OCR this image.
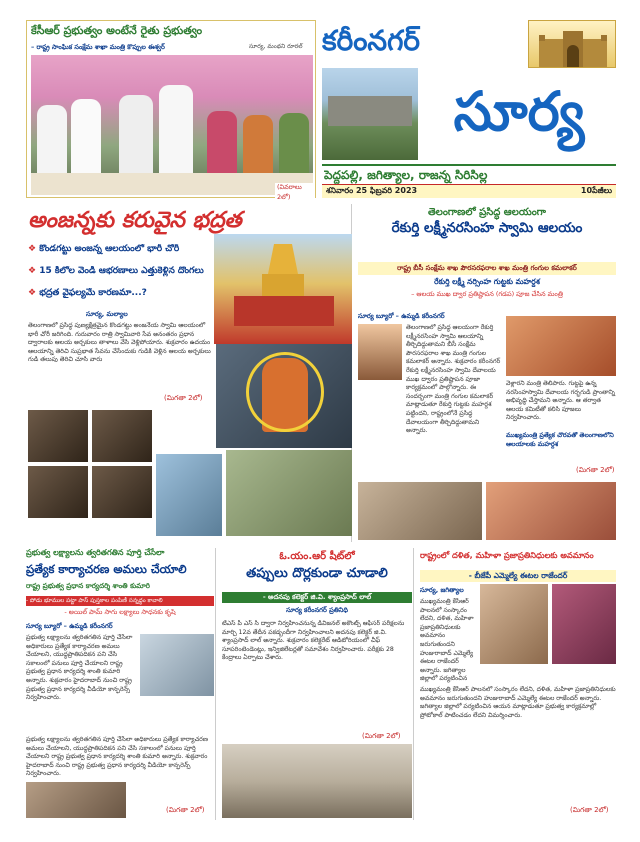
కేసీఆర్ ప్రభుత్వం అంటేనే రైతు ప్రభుత్వం
– రాష్ట్ర సాంఘిక సంక్షేమ శాఖా మంత్రి కొప్పుల ఈశ్వర్	సూర్య, మంథని రూరల్
(వివరాలు 2లో)
కరీంనగర్
సూర్య
పెద్దపల్లి, జగిత్యాల, రాజన్న సిరిసిల్ల
శనివారం 25 ఫిబ్రవరి 2023	10పేజీలు
అంజన్నకు కరువైన భద్రత
❖ కొండగట్టు అంజన్న ఆలయంలో భారీ చోరీ
❖ 15 కిలోల వెండి ఆభరణాలు ఎత్తుకెళ్లిన దొంగలు
❖ భద్రత వైఫల్యమే కారణమా...?
సూర్య, మల్యాల
తెలంగాణలో ప్రసిద్ధ పుణ్యక్షేత్రమైన కొండగట్టు అంజనేయ స్వామి ఆలయంలో భారీ చోరీ జరిగింది. గురువారం రాత్రి స్వామివారి సేవ అనంతరం ప్రధాన ద్వారాలకు ఆలయ అర్చకులు తాళాలు వేసి వెళ్లిపోయారు. శుక్రవారం ఉదయం ఆలయాన్ని తెరిచి సుప్రభాత సేవను చేసేందుకు గుడికి వెళ్లిన ఆలయ అర్చకులు గుడి తలుపు తెరిచి చూసి వారు
(మిగతా 2లో)
తెలంగాణలో ప్రసిద్ధ ఆలయంగా
రేకుర్తి లక్ష్మీనరసింహ స్వామి ఆలయం
రాష్ట్ర బీసీ సంక్షేమ శాఖ పౌరసరఫరాల శాఖ మంత్రి గంగుల కమలాకర్
రేకుర్తి లక్ష్మీ నర్సింహ గుట్టకు మహర్దశ
– ఆలయ ముఖ ద్వార ప్రతిష్టాపన (గడప) పూజ చేసిన మంత్రి
సూర్య బ్యూరో – ఉమ్మడి కరీంనగర్
తెలంగాణలో ప్రసిద్ధ ఆలయంగా రేకుర్తి లక్ష్మీనరసింహ స్వామి ఆలయాన్ని తీర్చిదిద్దుతామని బీసీ సంక్షేమ పౌరసరఫరాల శాఖ మంత్రి గంగుల కమలాకర్ అన్నారు. శుక్రవారం కరీంనగర్ రేకుర్తి లక్ష్మీనరసింహ స్వామి దేవాలయ ముఖ ద్వారం ప్రతిష్టాపన పూజా కార్యక్రమంలో పాల్గొన్నారు. ఈ సందర్భంగా మంత్రి గంగుల కమలాకర్ మాట్లాడుతూ రేకుర్తి గుట్టకు మహర్దశ పట్టిందని, రాష్ట్రంలోనే ప్రసిద్ధ దేవాలయంగా తీర్చిదిద్దుతామని అన్నారు.
వెళ్లారని మంత్రి తెలిపారు. గుట్టపై ఉన్న నరసింహస్వామి దేవాలయ గర్భగుడి ప్రాంతాన్ని అభివృద్ధి చేస్తామని అన్నారు. ఆ తర్వాత ఆలయ కమిటీతో కలిసి పూజలు నిర్వహించారు.
ముఖ్యమంత్రి ప్రత్యేక చొరవతో తెలంగాణలోని ఆలయాలకు మహర్దశ
(మిగతా 2లో)
ప్రభుత్వ లక్ష్యాలను త్వరితగతిన పూర్తి చేసేలా
ప్రత్యేక కార్యాచరణ అమలు చేయాలి
రాష్ట్ర ప్రభుత్వ ప్రధాన కార్యదర్శి శాంతి కుమారి
- పోడు భూముల పట్టా పాస్ పుస్తకాల పంపిణీ సన్నద్ధం కావాలి
- అయిల్ పామ్ సాగు లక్ష్యాలు సాధనకు కృషి
సూర్య బ్యూరో – ఉమ్మడి కరీంనగర్
ప్రభుత్వ లక్ష్యాలను త్వరితగతిన పూర్తి చేసేలా అధికారులు ప్రత్యేక కార్యాచరణ అమలు చేయాలని, యుద్ధప్రాతిపదికన పని చేసి సకాలంలో పనులు పూర్తి చేయాలని రాష్ట్ర ప్రభుత్వ ప్రధాన కార్యదర్శి శాంతి కుమారి అన్నారు. శుక్రవారం హైదరాబాద్ నుంచి రాష్ట్ర ప్రభుత్వ ప్రధాన కార్యదర్శి వీడియో కాన్ఫరెన్స్ నిర్వహించారు.
ప్రభుత్వ లక్ష్యాలను త్వరితగతిన పూర్తి చేసేలా అధికారులు ప్రత్యేక కార్యాచరణ అమలు చేయాలని, యుద్ధప్రాతిపదికన పని చేసి సకాలంలో పనులు పూర్తి చేయాలని రాష్ట్ర ప్రభుత్వ ప్రధాన కార్యదర్శి శాంతి కుమారి అన్నారు. శుక్రవారం హైదరాబాద్ నుంచి రాష్ట్ర ప్రభుత్వ ప్రధాన కార్యదర్శి వీడియో కాన్ఫరెన్స్ నిర్వహించారు.
(మిగతా 2లో)
ఓ.యం.ఆర్ షీట్‌లో
తప్పులు దొర్లకుండా చూడాలి
- అదనపు కలెక్టర్ జి.వి. శ్యాంప్రసాద్ లాల్
సూర్య కరీంనగర్ ప్రతినిధి
టీఎస్ పీ ఎస్ సి ద్వారా నిర్వహించనున్న డివిజనల్ అకౌంట్స్ ఆఫీసర్ పరీక్షలను మార్చి 12వ తేదీన పకడ్బందీగా నిర్వహించాలని అదనపు కలెక్టర్ జి.వి. శ్యాంప్రసాద్ లాల్ అన్నారు. శుక్రవారం కలెక్టరేట్ ఆడిటోరియంలో చీఫ్ సూపరింటెండెంట్లు, ఇన్విజిలేటర్లతో సమావేశం నిర్వహించారు. పరీక్షకు 28 కేంద్రాలు ఏర్పాటు చేశారు.
(మిగతా 2లో)
రాష్ట్రంలో దళిత, మహిళా ప్రజాప్రతినిధులకు అవమానం
- బీజేపీ ఎమ్మెల్యే ఈటల రాజేందర్
సూర్య, జగిత్యాల
ముఖ్యమంత్రి కేసీఆర్ పాలనలో సంస్కారం లేదని, దళిత, మహిళా ప్రజాప్రతినిధులకు అవమానం జరుగుతుందని హుజురాబాద్ ఎమ్మెల్యే ఈటల రాజేందర్ అన్నారు. జగిత్యాల జిల్లాలో పర్యటించిన
ముఖ్యమంత్రి కేసీఆర్ పాలనలో సంస్కారం లేదని, దళిత, మహిళా ప్రజాప్రతినిధులకు అవమానం జరుగుతుందని హుజురాబాద్ ఎమ్మెల్యే ఈటల రాజేందర్ అన్నారు. జగిత్యాల జిల్లాలో పర్యటించిన ఆయన మాట్లాడుతూ ప్రభుత్వ కార్యక్రమాల్లో ప్రోటోకాల్ పాటించడం లేదని విమర్శించారు.
(మిగతా 2లో)
